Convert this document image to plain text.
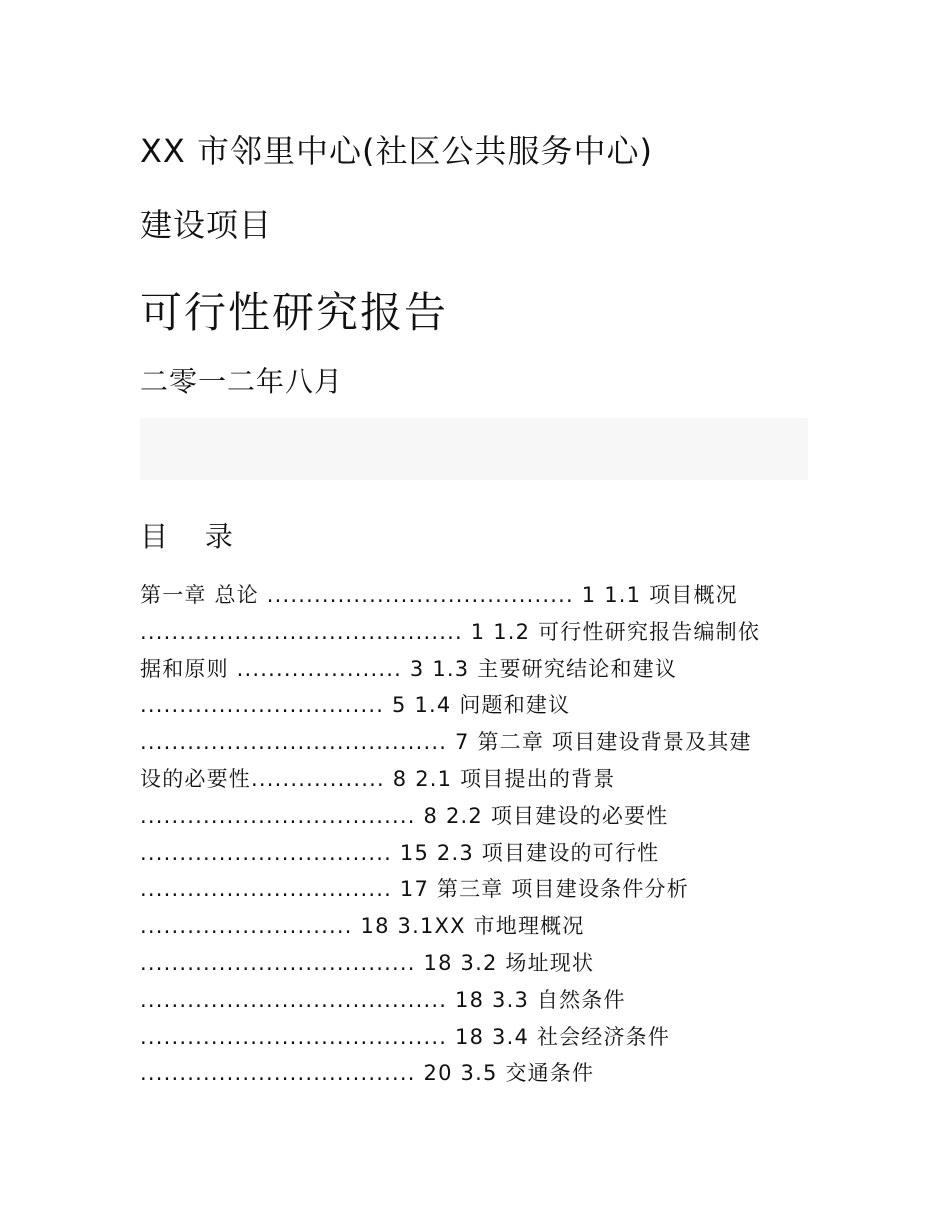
XX 市邻里中心(社区公共服务中心)
建设项目
可行性研究报告
二零一二年八月
目 录
第一章 总论 ....................................... 1 1.1 项目概况
......................................... 1 1.2 可行性研究报告编制依
据和原则 ..................... 3 1.3 主要研究结论和建议
............................... 5 1.4 问题和建议
....................................... 7 第二章 项目建设背景及其建
设的必要性................. 8 2.1 项目提出的背景
................................... 8 2.2 项目建设的必要性
................................ 15 2.3 项目建设的可行性
................................ 17 第三章 项目建设条件分析
........................... 18 3.1XX 市地理概况
................................... 18 3.2 场址现状
....................................... 18 3.3 自然条件
....................................... 18 3.4 社会经济条件
................................... 20 3.5 交通条件
